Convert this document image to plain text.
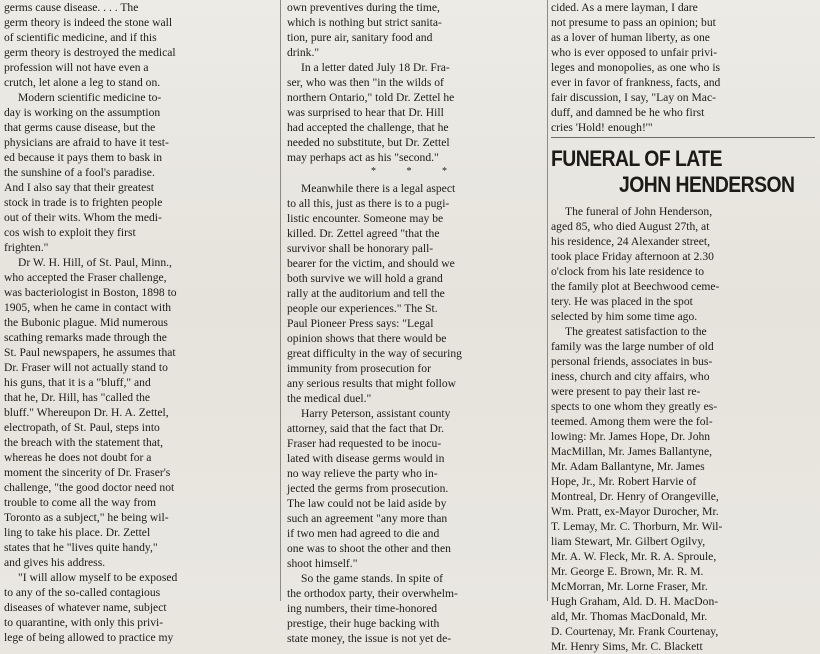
germs cause disease. . . . The
germ theory is indeed the stone wall
of scientific medicine, and if this
germ theory is destroyed the medical
profession will not have even a
crutch, let alone a leg to stand on.

Modern scientific medicine to-
day is working on the assumption
that germs cause disease, but the
physicians are afraid to have it test-
ed because it pays them to bask in
the sunshine of a fool's paradise.
And I also say that their greatest
stock in trade is to frighten people
out of their wits. Whom the medi-
cos wish to exploit they first
frighten."

Dr W. H. Hill, of St. Paul, Minn.,
who accepted the Fraser challenge,
was bacteriologist in Boston, 1898 to
1905, when he came in contact with
the Bubonic plague. Mid numerous
scathing remarks made through the
St. Paul newspapers, he assumes that
Dr. Fraser will not actually stand to
his guns, that it is a "bluff," and
that he, Dr. Hill, has "called the
bluff." Whereupon Dr. H. A. Zettel,
electropath, of St. Paul, steps into
the breach with the statement that,
whereas he does not doubt for a
moment the sincerity of Dr. Fraser's
challenge, "the good doctor need not
trouble to come all the way from
Toronto as a subject," he being wil-
ling to take his place. Dr. Zettel
states that he "lives quite handy,"
and gives his address.

"I will allow myself to be exposed
to any of the so-called contagious
diseases of whatever name, subject
to quarantine, with only this privi-
lege of being allowed to practice my

own preventives during the time,
which is nothing but strict sanita-
tion, pure air, sanitary food and
drink."

In a letter dated July 18 Dr. Fra-
ser, who was then "in the wilds of
northern Ontario," told Dr. Zettel he
was surprised to hear that Dr. Hill
had accepted the challenge, that he
needed no substitute, but Dr. Zettel
may perhaps act as his "second."

* * *

Meanwhile there is a legal aspect
to all this, just as there is to a pugi-
listic encounter. Someone may be
killed. Dr. Zettel agreed "that the
survivor shall be honorary pall-
bearer for the victim, and should we
both survive we will hold a grand
rally at the auditorium and tell the
people our experiences." The St.
Paul Pioneer Press says: "Legal
opinion shows that there would be
great difficulty in the way of securing
immunity from prosecution for
any serious results that might follow
the medical duel."

Harry Peterson, assistant county
attorney, said that the fact that Dr.
Fraser had requested to be inocu-
lated with disease germs would in
no way relieve the party who in-
jected the germs from prosecution.
The law could not be laid aside by
such an agreement "any more than
if two men had agreed to die and
one was to shoot the other and then
shoot himself."

So the game stands. In spite of
the orthodox party, their overwhelm-
ing numbers, their time-honored
prestige, their huge backing with
state money, the issue is not yet de-

cided. As a mere layman, I dare
not presume to pass an opinion; but
as a lover of human liberty, as one
who is ever opposed to unfair privi-
leges and monopolies, as one who is
ever in favor of frankness, facts, and
fair discussion, I say, "Lay on Mac-
duff, and damned be he who first
cries 'Hold! enough!'"

FUNERAL OF LATE
JOHN HENDERSON

The funeral of John Henderson,
aged 85, who died August 27th, at
his residence, 24 Alexander street,
took place Friday afternoon at 2.30
o'clock from his late residence to
the family plot at Beechwood ceme-
tery. He was placed in the spot
selected by him some time ago.

The greatest satisfaction to the
family was the large number of old
personal friends, associates in bus-
iness, church and city affairs, who
were present to pay their last re-
spects to one whom they greatly es-
teemed. Among them were the fol-
lowing: Mr. James Hope, Dr. John
MacMillan, Mr. James Ballantyne,
Mr. Adam Ballantyne, Mr. James
Hope, Jr., Mr. Robert Harvie of
Montreal, Dr. Henry of Orangeville,
Wm. Pratt, ex-Mayor Durocher, Mr.
T. Lemay, Mr. C. Thorburn, Mr. Wil-
liam Stewart, Mr. Gilbert Ogilvy,
Mr. A. W. Fleck, Mr. R. A. Sproule,
Mr. George E. Brown, Mr. R. M.
McMorran, Mr. Lorne Fraser, Mr.
Hugh Graham, Ald. D. H. MacDon-
ald, Mr. Thomas MacDonald, Mr.
D. Courtenay, Mr. Frank Courtenay,
Mr. Henry Sims, Mr. C. Blackett
